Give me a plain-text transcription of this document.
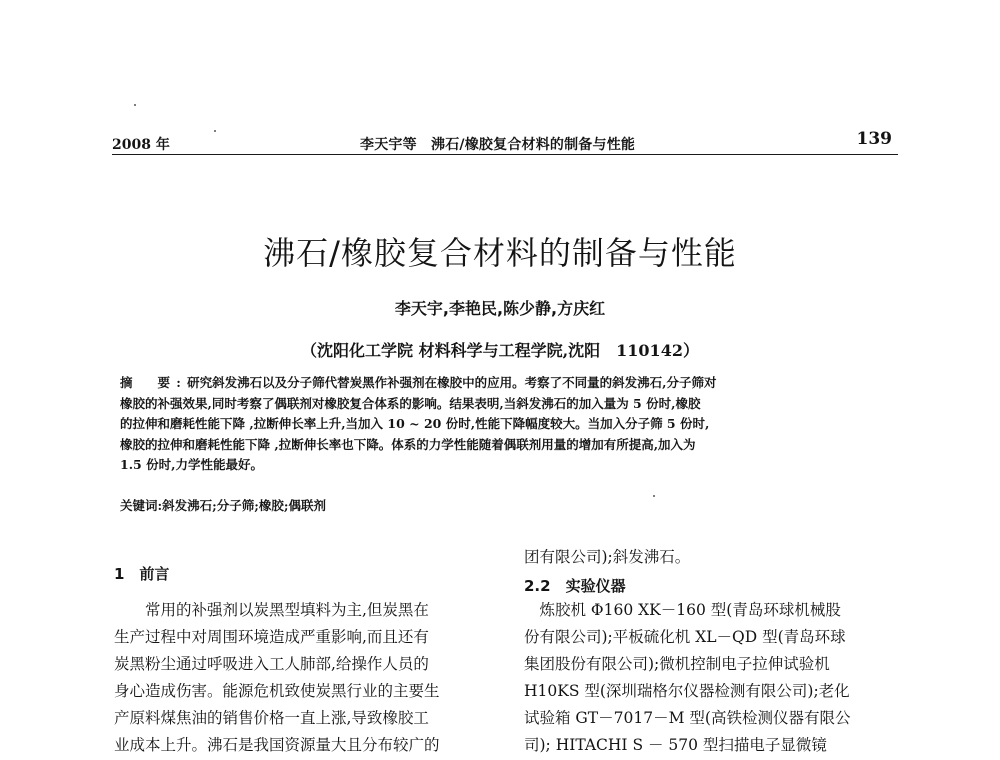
2008 年	李天宇等　沸石/橡胶复合材料的制备与性能	139
沸石/橡胶复合材料的制备与性能
李天宇,李艳民,陈少静,方庆红
（沈阳化工学院 材料科学与工程学院,沈阳　110142）
摘　要:研究斜发沸石以及分子筛代替炭黑作补强剂在橡胶中的应用。考察了不同量的斜发沸石,分子筛对
橡胶的补强效果,同时考察了偶联剂对橡胶复合体系的影响。结果表明,当斜发沸石的加入量为 5 份时,橡胶
的拉伸和磨耗性能下降 ,拉断伸长率上升,当加入 10 ~ 20 份时,性能下降幅度较大。当加入分子筛 5 份时,
橡胶的拉伸和磨耗性能下降 ,拉断伸长率也下降。体系的力学性能随着偶联剂用量的增加有所提高,加入为
1.5 份时,力学性能最好。
关键词:斜发沸石;分子筛;橡胶;偶联剂
1　前言
常用的补强剂以炭黑型填料为主,但炭黑在
生产过程中对周围环境造成严重影响,而且还有
炭黑粉尘通过呼吸进入工人肺部,给操作人员的
身心造成伤害。能源危机致使炭黑行业的主要生
产原料煤焦油的销售价格一直上涨,导致橡胶工
业成本上升。沸石是我国资源量大且分布较广的
团有限公司);斜发沸石。
2.2　实验仪器
炼胶机 Φ160 XK－160 型(青岛环球机械股
份有限公司);平板硫化机 XL－QD 型(青岛环球
集团股份有限公司);微机控制电子拉伸试验机
H10KS 型(深圳瑞格尔仪器检测有限公司);老化
试验箱 GT－7017－M 型(高铁检测仪器有限公
司); HITACHI S － 570 型扫描电子显微镜
